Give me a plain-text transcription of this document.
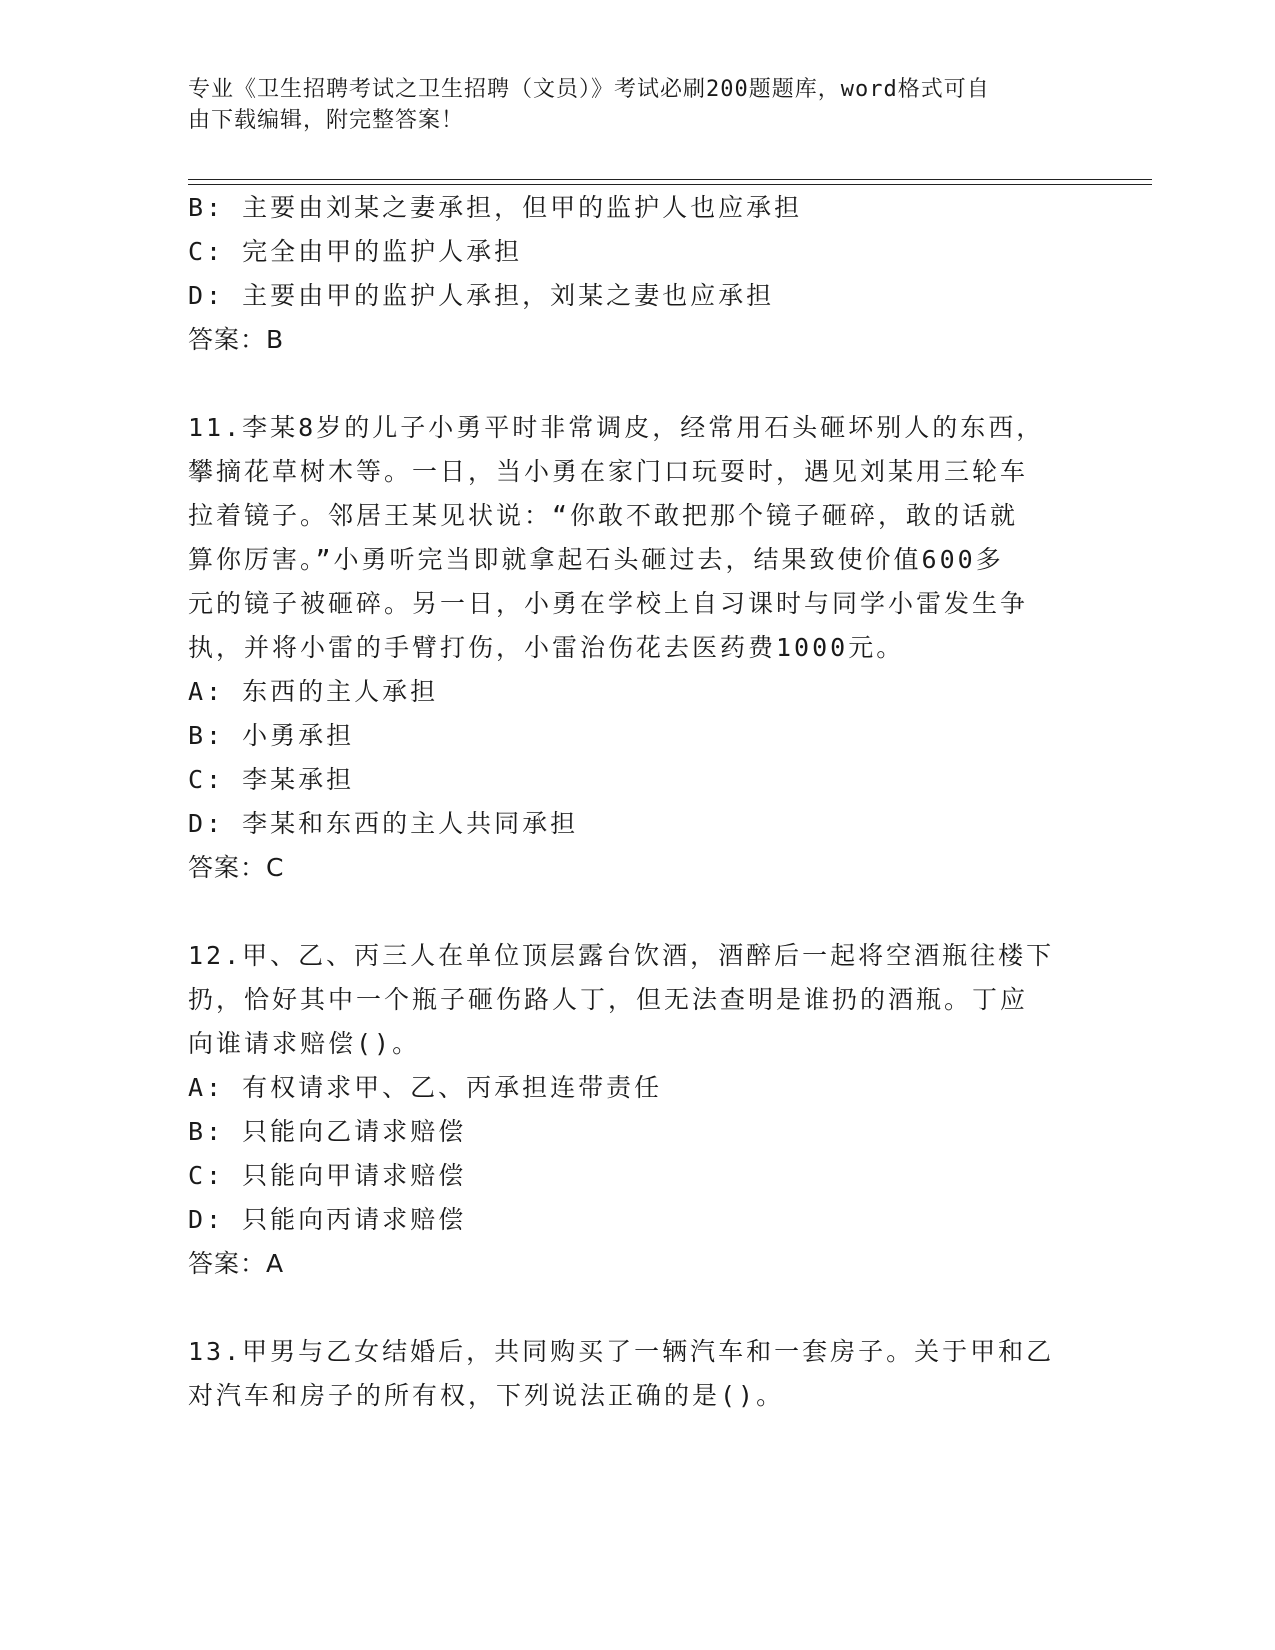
专业《卫生招聘考试之卫生招聘（文员）》考试必刷200题题库，word格式可自
由下载编辑，附完整答案！
B: 主要由刘某之妻承担，但甲的监护人也应承担
C: 完全由甲的监护人承担
D: 主要由甲的监护人承担，刘某之妻也应承担
答案：B
11.李某8岁的儿子小勇平时非常调皮，经常用石头砸坏别人的东西，
攀摘花草树木等。一日，当小勇在家门口玩耍时，遇见刘某用三轮车
拉着镜子。邻居王某见状说：“你敢不敢把那个镜子砸碎，敢的话就
算你厉害。”小勇听完当即就拿起石头砸过去，结果致使价值600多
元的镜子被砸碎。另一日，小勇在学校上自习课时与同学小雷发生争
执，并将小雷的手臂打伤，小雷治伤花去医药费1000元。
A: 东西的主人承担
B: 小勇承担
C: 李某承担
D: 李某和东西的主人共同承担
答案：C
12.甲、乙、丙三人在单位顶层露台饮酒，酒醉后一起将空酒瓶往楼下
扔，恰好其中一个瓶子砸伤路人丁，但无法查明是谁扔的酒瓶。丁应
向谁请求赔偿()。
A: 有权请求甲、乙、丙承担连带责任
B: 只能向乙请求赔偿
C: 只能向甲请求赔偿
D: 只能向丙请求赔偿
答案：A
13.甲男与乙女结婚后，共同购买了一辆汽车和一套房子。关于甲和乙
对汽车和房子的所有权，下列说法正确的是()。
